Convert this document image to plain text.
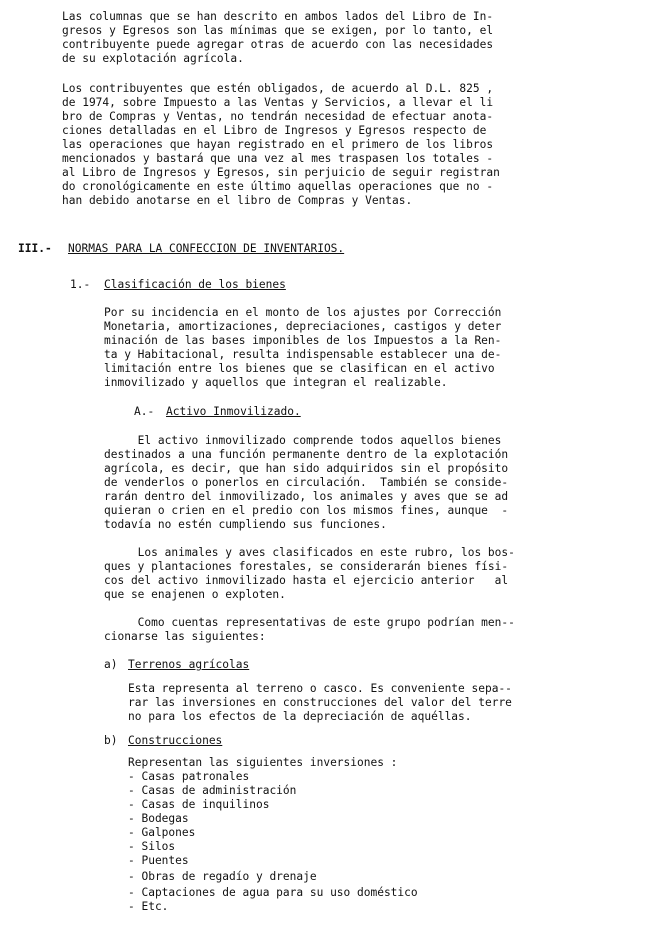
Las columnas que se han descrito en ambos lados del Libro de In-
gresos y Egresos son las mínimas que se exigen, por lo tanto, el
contribuyente puede agregar otras de acuerdo con las necesidades
de su explotación agrícola.
Los contribuyentes que estén obligados, de acuerdo al D.L. 825 ,
de 1974, sobre Impuesto a las Ventas y Servicios, a llevar el li
bro de Compras y Ventas, no tendrán necesidad de efectuar anota-
ciones detalladas en el Libro de Ingresos y Egresos respecto de
las operaciones que hayan registrado en el primero de los libros
mencionados y bastará que una vez al mes traspasen los totales -
al Libro de Ingresos y Egresos, sin perjuicio de seguir registran
do cronológicamente en este último aquellas operaciones que no -
han debido anotarse en el libro de Compras y Ventas.
III.- NORMAS PARA LA CONFECCION DE INVENTARIOS.
1.- Clasificación de los bienes
Por su incidencia en el monto de los ajustes por Corrección
Monetaria, amortizaciones, depreciaciones, castigos y deter
minación de las bases imponibles de los Impuestos a la Ren-
ta y Habitacional, resulta indispensable establecer una de-
limitación entre los bienes que se clasifican en el activo
inmovilizado y aquellos que integran el realizable.
A.- Activo Inmovilizado.
El activo inmovilizado comprende todos aquellos bienes
destinados a una función permanente dentro de la explotación
agrícola, es decir, que han sido adquiridos sin el propósito
de venderlos o ponerlos en circulación.  También se conside-
rarán dentro del inmovilizado, los animales y aves que se ad
quieran o crien en el predio con los mismos fines, aunque  -
todavía no estén cumpliendo sus funciones.
Los animales y aves clasificados en este rubro, los bos-
ques y plantaciones forestales, se considerarán bienes físi-
cos del activo inmovilizado hasta el ejercicio anterior   al
que se enajenen o exploten.
Como cuentas representativas de este grupo podrían men--
cionarse las siguientes:
a) Terrenos agrícolas
Esta representa al terreno o casco. Es conveniente sepa--
rar las inversiones en construcciones del valor del terre
no para los efectos de la depreciación de aquéllas.
b) Construcciones
Representan las siguientes inversiones :
- Casas patronales
- Casas de administración
- Casas de inquilinos
- Bodegas
- Galpones
- Silos
- Puentes
- Obras de regadío y drenaje
- Captaciones de agua para su uso doméstico
- Etc.
